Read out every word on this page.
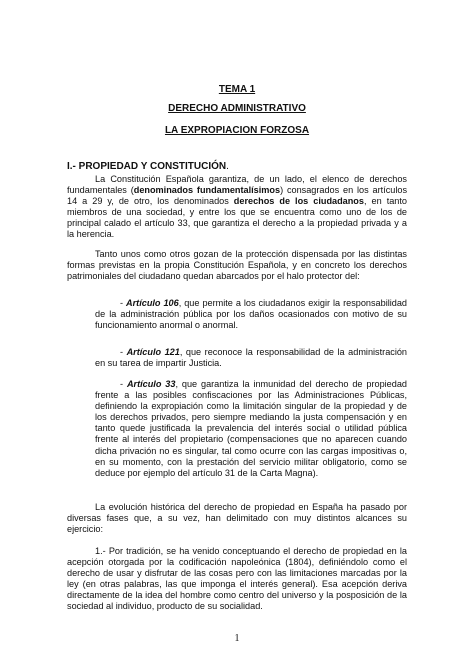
TEMA 1

DERECHO ADMINISTRATIVO

LA EXPROPIACION FORZOSA

I.- PROPIEDAD Y CONSTITUCIÓN.

La Constitución Española garantiza, de un lado, el elenco de derechos fundamentales (denominados fundamentalísimos) consagrados en los artículos 14 a 29 y, de otro, los denominados derechos de los ciudadanos, en tanto miembros de una sociedad, y entre los que se encuentra como uno de los de principal calado el artículo 33, que garantiza el derecho a la propiedad privada y a la herencia.

Tanto unos como otros gozan de la protección dispensada por las distintas formas previstas en la propia Constitución Española, y en concreto los derechos patrimoniales del ciudadano quedan abarcados por el halo protector del:

- Artículo 106, que permite a los ciudadanos exigir la responsabilidad de la administración pública por los daños ocasionados con motivo de su funcionamiento anormal o anormal.

- Artículo 121, que reconoce la responsabilidad de la administración en su tarea de impartir Justicia.

- Artículo 33, que garantiza la inmunidad del derecho de propiedad frente a las posibles confiscaciones por las Administraciones Públicas, definiendo la expropiación como la limitación singular de la propiedad y de los derechos privados, pero siempre mediando la justa compensación y en tanto quede justificada la prevalencia del interés social o utilidad pública frente al interés del propietario (compensaciones que no aparecen cuando dicha privación no es singular, tal como ocurre con las cargas impositivas o, en su momento, con la prestación del servicio militar obligatorio, como se deduce por ejemplo del artículo 31 de la Carta Magna).

La evolución histórica del derecho de propiedad en España ha pasado por diversas fases que, a su vez, han delimitado con muy distintos alcances su ejercicio:

1.- Por tradición, se ha venido conceptuando el derecho de propiedad en la acepción otorgada por la codificación napoleónica (1804), definiéndolo como el derecho de usar y disfrutar de las cosas pero con las limitaciones marcadas por la ley (en otras palabras, las que imponga el interés general). Esa acepción deriva directamente de la idea del hombre como centro del universo y la posposición de la sociedad al individuo, producto de su socialidad.

1
